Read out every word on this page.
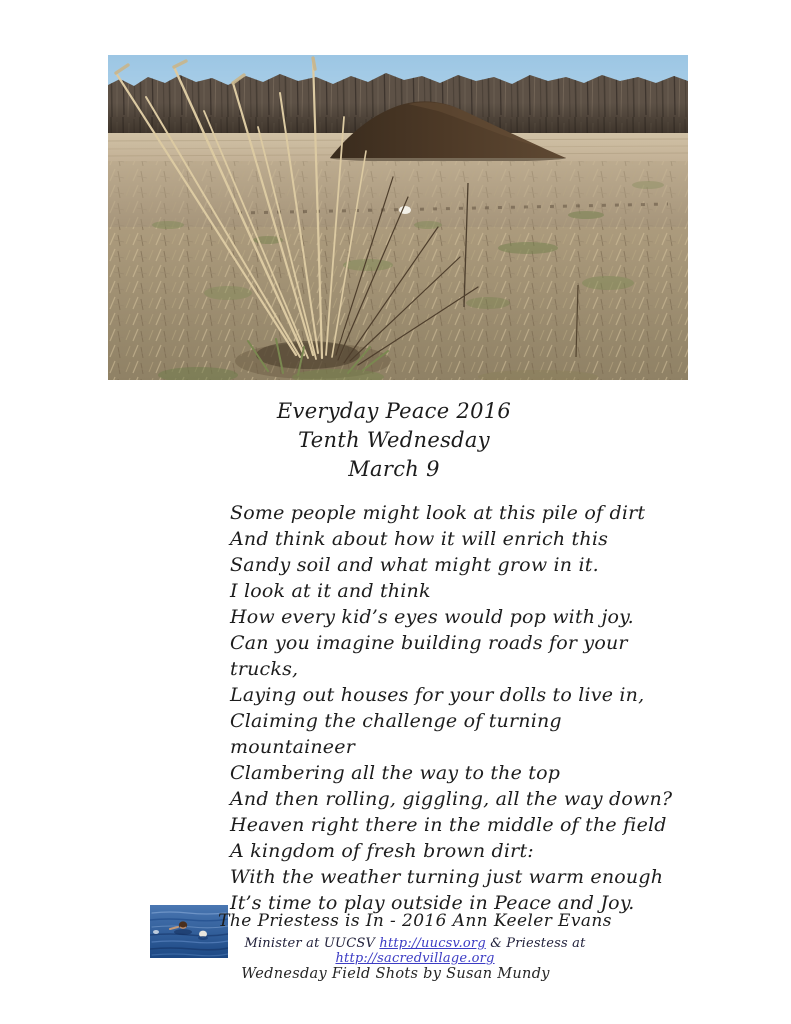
Everyday Peace 2016
Tenth Wednesday
March 9
Some people might look at this pile of dirt
And think about how it will enrich this
Sandy soil and what might grow in it.
I look at it and think
How every kid’s eyes would pop with joy.
Can you imagine building roads for your trucks,
Laying out houses for your dolls to live in,
Claiming the challenge of turning mountaineer
Clambering all the way to the top
And then rolling, giggling, all the way down?
Heaven right there in the middle of the field
A kingdom of fresh brown dirt:
With the weather turning just warm enough
It’s time to play outside in Peace and Joy.
The Priestess is In - 2016 Ann Keeler Evans
Minister at UUCSV http://uucsv.org & Priestess at http://sacredvillage.org
Wednesday Field Shots by Susan Mundy
